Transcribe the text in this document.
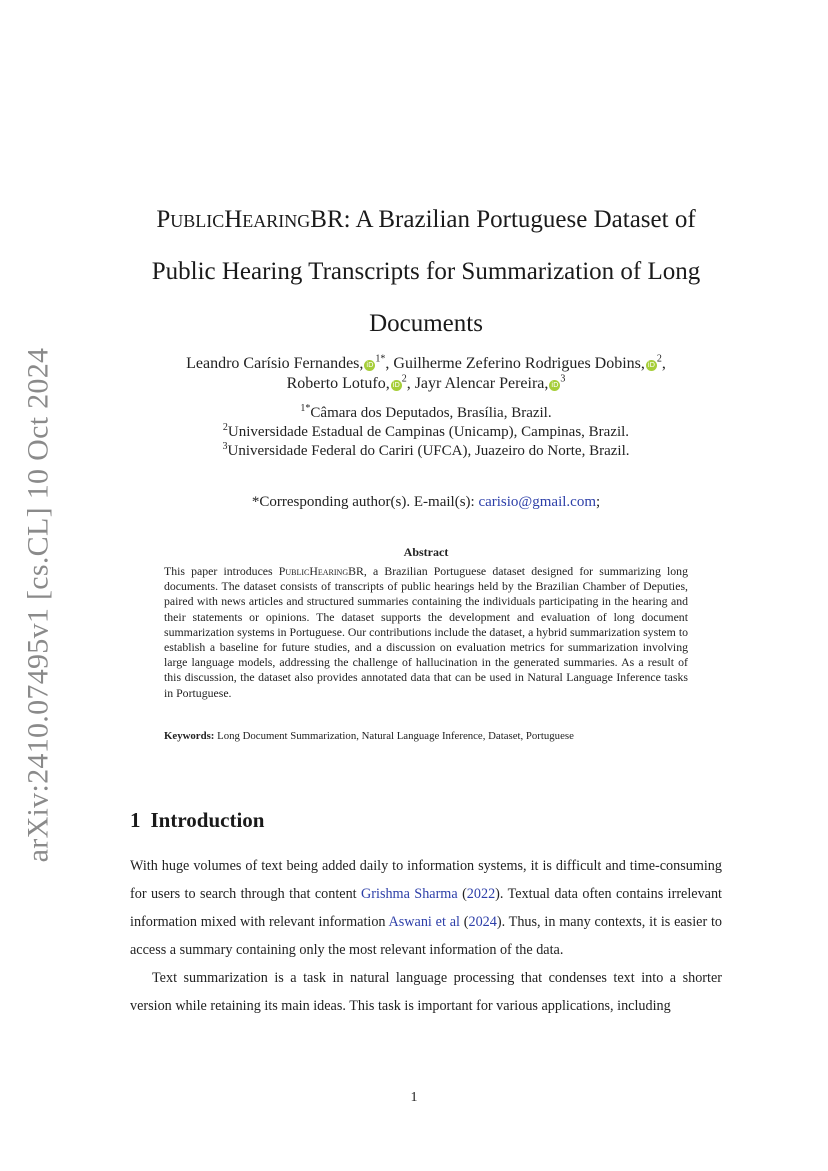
arXiv:2410.07495v1 [cs.CL] 10 Oct 2024
PublicHearingBR: A Brazilian Portuguese Dataset of Public Hearing Transcripts for Summarization of Long Documents
Leandro Carísio Fernandes, $iD^{1*}$, Guilherme Zeferino Rodrigues Dobins, $iD^2$,
Roberto Lotufo, $iD^2$, Jayr Alencar Pereira, $iD^3$
$^{1*}$Câmara dos Deputados, Brasília, Brazil.
$^2$Universidade Estadual de Campinas (Unicamp), Campinas, Brazil.
$^3$Universidade Federal do Cariri (UFCA), Juazeiro do Norte, Brazil.
*Corresponding author(s). E-mail(s): carisio@gmail.com;
Abstract
This paper introduces PublicHearingBR, a Brazilian Portuguese dataset designed for summarizing long documents. The dataset consists of transcripts of public hearings held by the Brazilian Chamber of Deputies, paired with news articles and structured summaries containing the individuals participating in the hearing and their statements or opinions. The dataset supports the development and evaluation of long document summarization systems in Portuguese. Our contributions include the dataset, a hybrid summarization system to establish a baseline for future studies, and a discussion on evaluation metrics for summarization involving large language models, addressing the challenge of hallucination in the generated summaries. As a result of this discussion, the dataset also provides annotated data that can be used in Natural Language Inference tasks in Portuguese.
Keywords: Long Document Summarization, Natural Language Inference, Dataset, Portuguese
1 Introduction

With huge volumes of text being added daily to information systems, it is difficult and time-consuming for users to search through that content Grishma Sharma (2022). Textual data often contains irrelevant information mixed with relevant information Aswani et al (2024). Thus, in many contexts, it is easier to access a summary containing only the most relevant information of the data.

Text summarization is a task in natural language processing that condenses text into a shorter version while retaining its main ideas. This task is important for various applications, including

1
